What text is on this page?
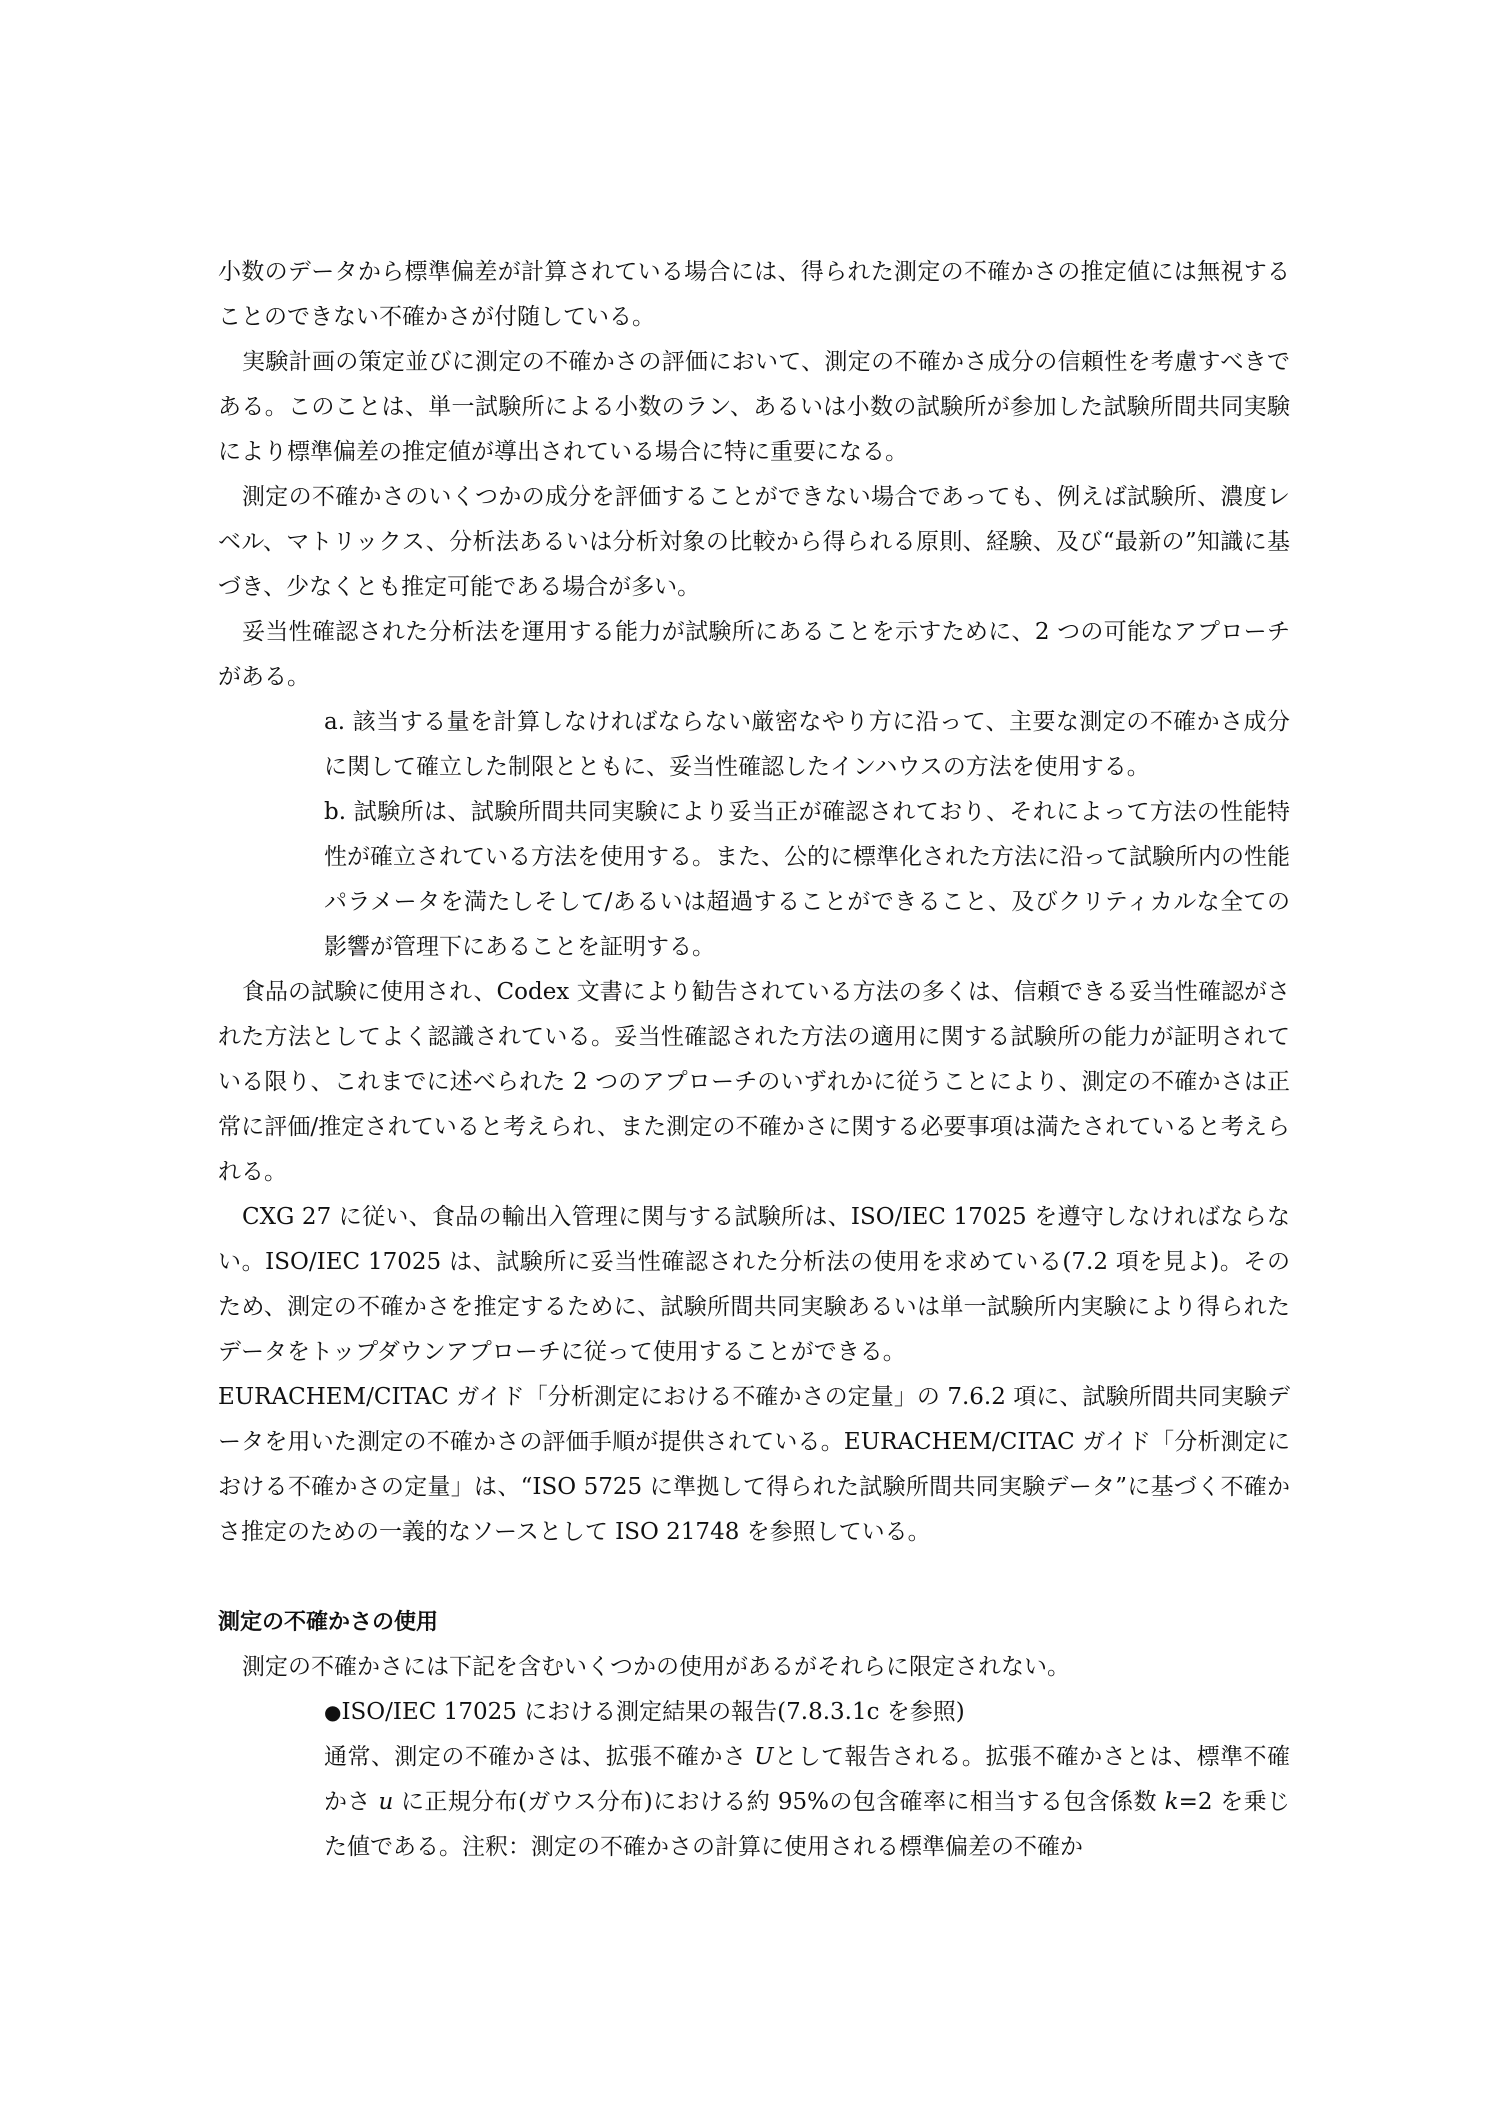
小数のデータから標準偏差が計算されている場合には、得られた測定の不確かさの推定値には無視することのできない不確かさが付随している。

実験計画の策定並びに測定の不確かさの評価において、測定の不確かさ成分の信頼性を考慮すべきである。このことは、単一試験所による小数のラン、あるいは小数の試験所が参加した試験所間共同実験により標準偏差の推定値が導出されている場合に特に重要になる。

測定の不確かさのいくつかの成分を評価することができない場合であっても、例えば試験所、濃度レベル、マトリックス、分析法あるいは分析対象の比較から得られる原則、経験、及び“最新の”知識に基づき、少なくとも推定可能である場合が多い。

妥当性確認された分析法を運用する能力が試験所にあることを示すために、2 つの可能なアプローチがある。

a. 該当する量を計算しなければならない厳密なやり方に沿って、主要な測定の不確かさ成分に関して確立した制限とともに、妥当性確認したインハウスの方法を使用する。

b. 試験所は、試験所間共同実験により妥当正が確認されており、それによって方法の性能特性が確立されている方法を使用する。また、公的に標準化された方法に沿って試験所内の性能パラメータを満たしそして/あるいは超過することができること、及びクリティカルな全ての影響が管理下にあることを証明する。

食品の試験に使用され、Codex 文書により勧告されている方法の多くは、信頼できる妥当性確認がされた方法としてよく認識されている。妥当性確認された方法の適用に関する試験所の能力が証明されている限り、これまでに述べられた 2 つのアプローチのいずれかに従うことにより、測定の不確かさは正常に評価/推定されていると考えられ、また測定の不確かさに関する必要事項は満たされていると考えられる。

CXG 27 に従い、食品の輸出入管理に関与する試験所は、ISO/IEC 17025 を遵守しなければならない。ISO/IEC 17025 は、試験所に妥当性確認された分析法の使用を求めている(7.2 項を見よ)。そのため、測定の不確かさを推定するために、試験所間共同実験あるいは単一試験所内実験により得られたデータをトップダウンアプローチに従って使用することができる。

EURACHEM/CITAC ガイド「分析測定における不確かさの定量」の 7.6.2 項に、試験所間共同実験データを用いた測定の不確かさの評価手順が提供されている。EURACHEM/CITAC ガイド「分析測定における不確かさの定量」は、“ISO 5725 に準拠して得られた試験所間共同実験データ”に基づく不確かさ推定のための一義的なソースとして ISO 21748 を参照している。

測定の不確かさの使用

測定の不確かさには下記を含むいくつかの使用があるがそれらに限定されない。

●ISO/IEC 17025 における測定結果の報告(7.8.3.1c を参照)

通常、測定の不確かさは、拡張不確かさ Uとして報告される。拡張不確かさとは、標準不確かさ u に正規分布(ガウス分布)における約 95%の包含確率に相当する包含係数 k=2 を乗じた値である。注釈：測定の不確かさの計算に使用される標準偏差の不確か
